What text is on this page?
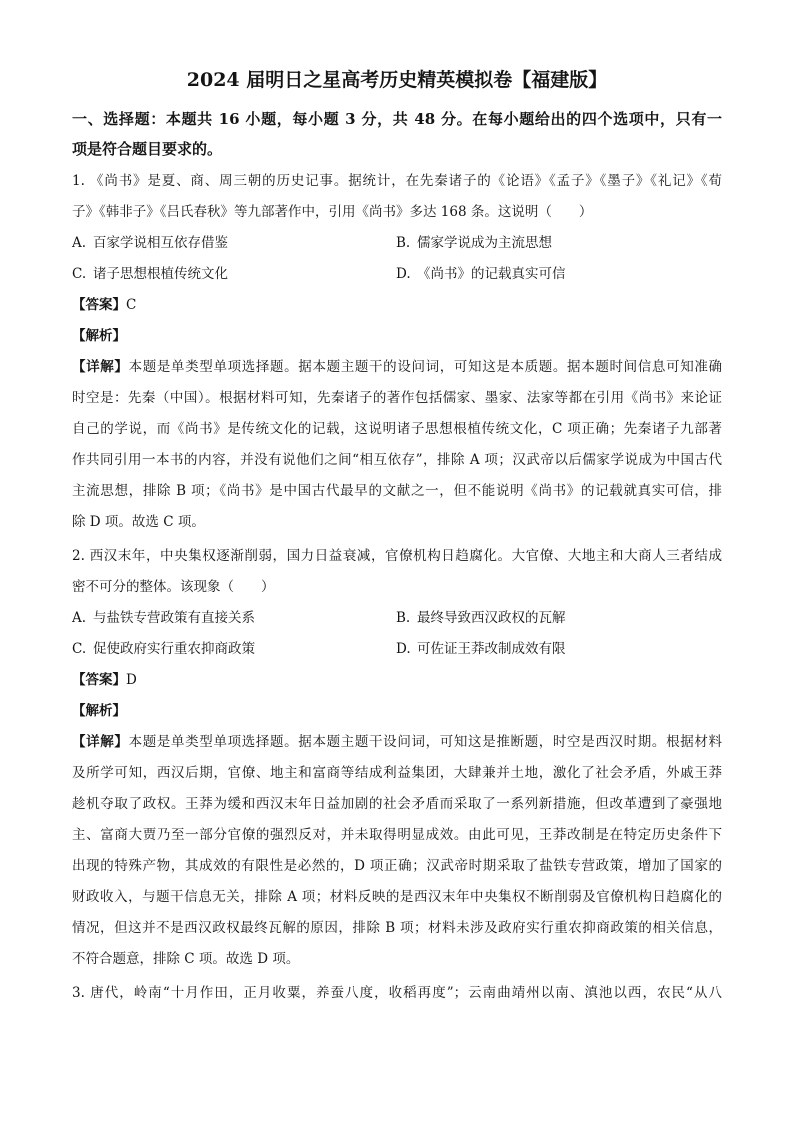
2024 届明日之星高考历史精英模拟卷【福建版】
一、选择题：本题共 16 小题，每小题 3 分，共 48 分。在每小题给出的四个选项中，只有一
项是符合题目要求的。
1. 《尚书》是夏、商、周三朝的历史记事。据统计，在先秦诸子的《论语》《孟子》《墨子》《礼记》《荀
子》《韩非子》《吕氏春秋》等九部著作中，引用《尚书》多达 168 条。这说明（　　）
A. 百家学说相互依存借鉴	B. 儒家学说成为主流思想
C. 诸子思想根植传统文化	D. 《尚书》的记载真实可信
【答案】C
【解析】
【详解】本题是单类型单项选择题。据本题主题干的设问词，可知这是本质题。据本题时间信息可知准确
时空是：先秦（中国）。根据材料可知，先秦诸子的著作包括儒家、墨家、法家等都在引用《尚书》来论证
自己的学说，而《尚书》是传统文化的记载，这说明诸子思想根植传统文化，C 项正确；先秦诸子九部著
作共同引用一本书的内容，并没有说他们之间“相互依存”，排除 A 项；汉武帝以后儒家学说成为中国古代
主流思想，排除 B 项；《尚书》是中国古代最早的文献之一，但不能说明《尚书》的记载就真实可信，排
除 D 项。故选 C 项。
2. 西汉末年，中央集权逐渐削弱，国力日益衰减，官僚机构日趋腐化。大官僚、大地主和大商人三者结成
密不可分的整体。该现象（　　）
A. 与盐铁专营政策有直接关系	B. 最终导致西汉政权的瓦解
C. 促使政府实行重农抑商政策	D. 可佐证王莽改制成效有限
【答案】D
【解析】
【详解】本题是单类型单项选择题。据本题主题干设问词，可知这是推断题，时空是西汉时期。根据材料
及所学可知，西汉后期，官僚、地主和富商等结成利益集团，大肆兼并土地，激化了社会矛盾，外戚王莽
趁机夺取了政权。王莽为缓和西汉末年日益加剧的社会矛盾而采取了一系列新措施，但改革遭到了豪强地
主、富商大贾乃至一部分官僚的强烈反对，并未取得明显成效。由此可见，王莽改制是在特定历史条件下
出现的特殊产物，其成效的有限性是必然的，D 项正确；汉武帝时期采取了盐铁专营政策，增加了国家的
财政收入，与题干信息无关，排除 A 项；材料反映的是西汉末年中央集权不断削弱及官僚机构日趋腐化的
情况，但这并不是西汉政权最终瓦解的原因，排除 B 项；材料未涉及政府实行重农抑商政策的相关信息，
不符合题意，排除 C 项。故选 D 项。
3. 唐代，岭南“十月作田，正月收粟，养蚕八度，收稻再度”；云南曲靖州以南、滇池以西，农民“从八
